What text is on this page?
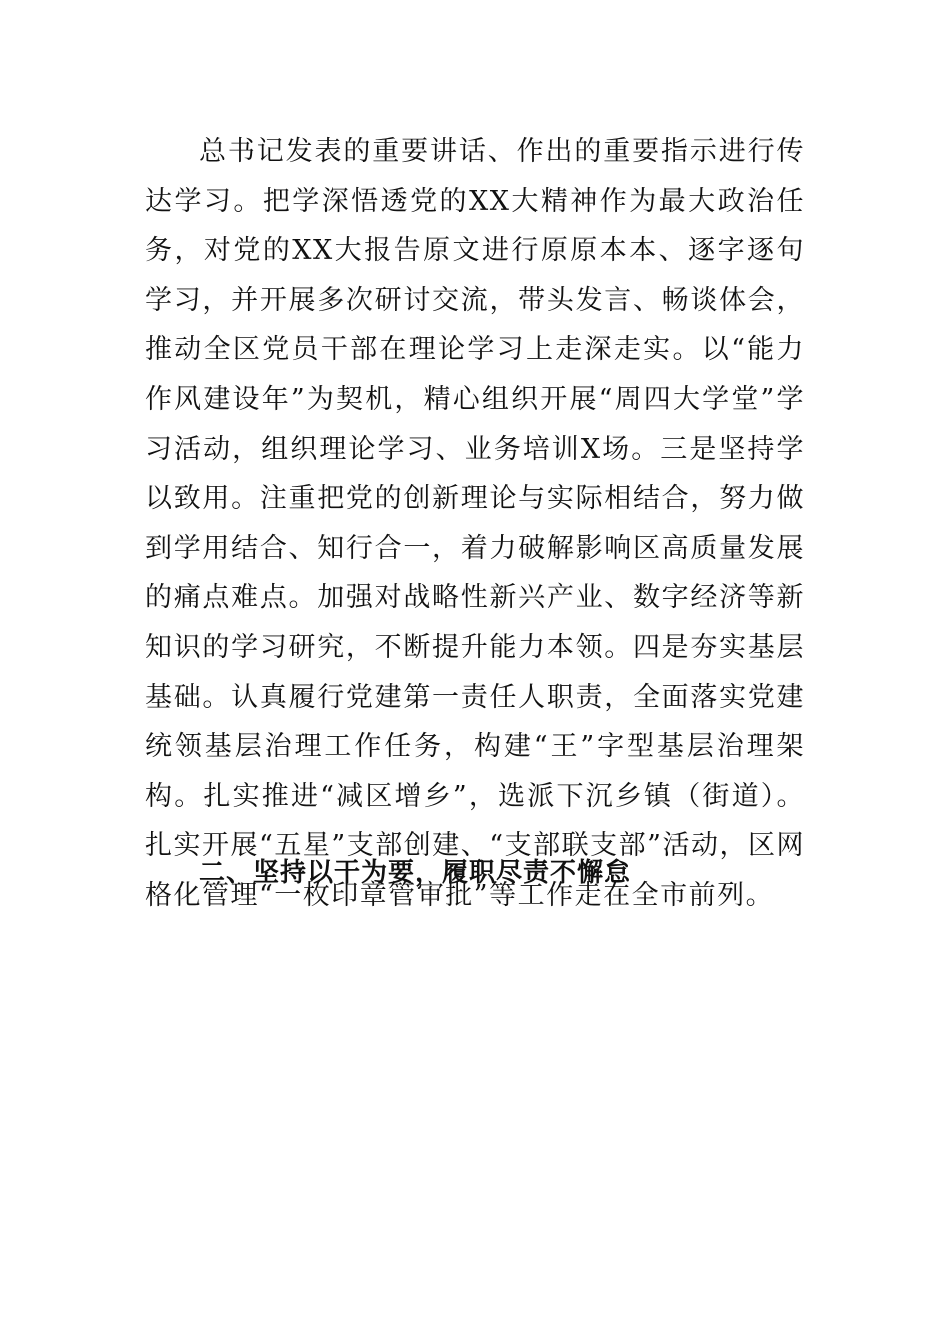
总书记发表的重要讲话、作出的重要指示进行传达学习。把学深悟透党的XX大精神作为最大政治任务，对党的XX大报告原文进行原原本本、逐字逐句学习，并开展多次研讨交流，带头发言、畅谈体会，推动全区党员干部在理论学习上走深走实。以“能力作风建设年”为契机，精心组织开展“周四大学堂”学习活动，组织理论学习、业务培训X场。三是坚持学以致用。注重把党的创新理论与实际相结合，努力做到学用结合、知行合一，着力破解影响区高质量发展的痛点难点。加强对战略性新兴产业、数字经济等新知识的学习研究，不断提升能力本领。四是夯实基层基础。认真履行党建第一责任人职责，全面落实党建统领基层治理工作任务，构建“王”字型基层治理架构。扎实推进“减区增乡”，选派下沉乡镇（街道）。扎实开展“五星”支部创建、“支部联支部”活动，区网格化管理“一枚印章管审批”等工作走在全市前列。

二、坚持以干为要，履职尽责不懈怠
